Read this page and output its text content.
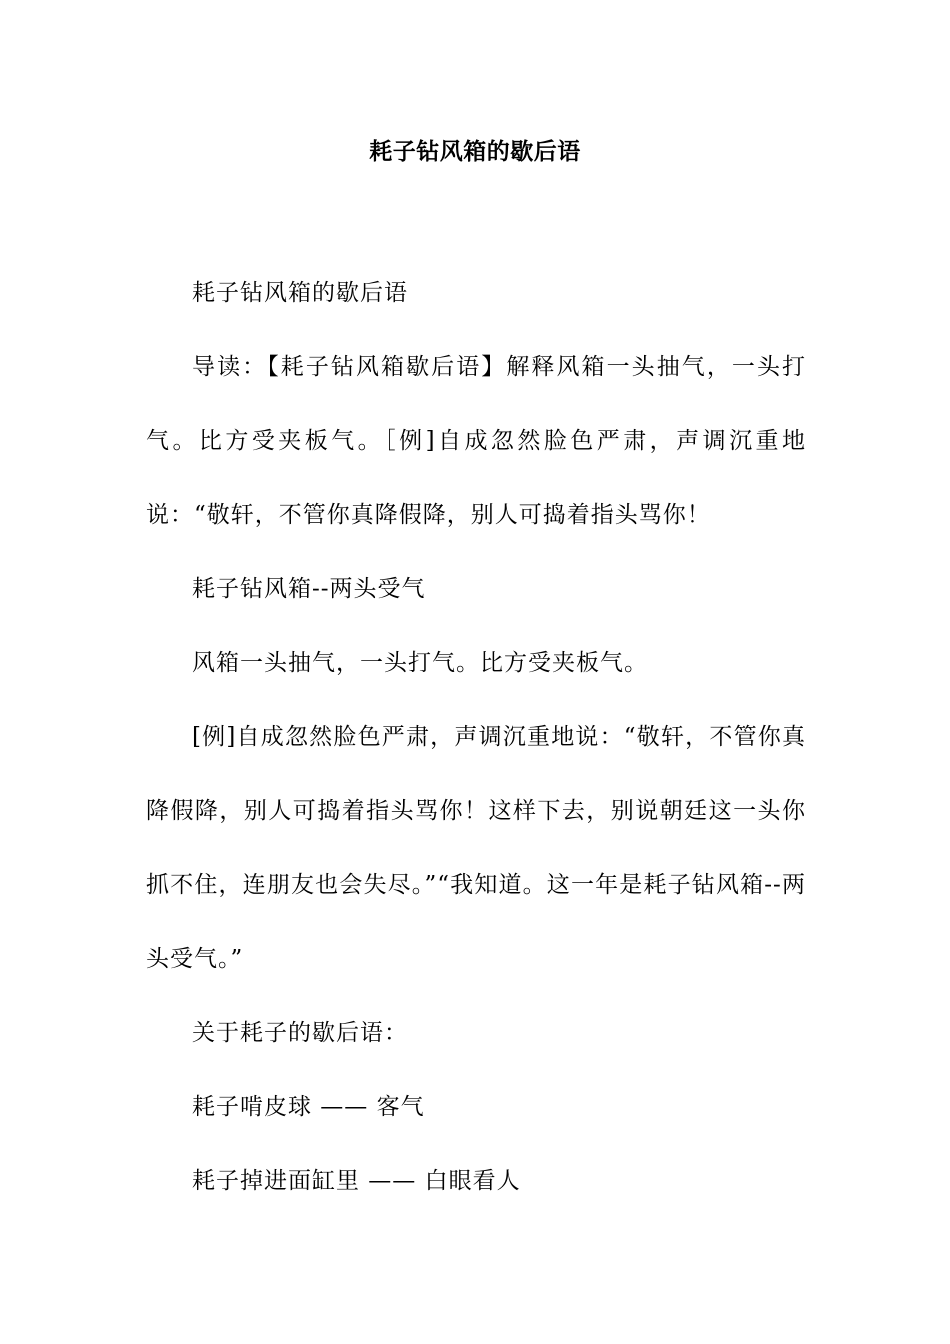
耗子钻风箱的歇后语

耗子钻风箱的歇后语

导读：【耗子钻风箱歇后语】解释风箱一头抽气，一头打气。比方受夹板气。［例]自成忽然脸色严肃，声调沉重地说：“敬轩，不管你真降假降，别人可捣着指头骂你！

耗子钻风箱--两头受气

风箱一头抽气，一头打气。比方受夹板气。

[例]自成忽然脸色严肃，声调沉重地说：“敬轩，不管你真降假降，别人可捣着指头骂你！这样下去，别说朝廷这一头你抓不住，连朋友也会失尽。”“我知道。这一年是耗子钻风箱--两头受气。”

关于耗子的歇后语：

耗子啃皮球 —— 客气

耗子掉进面缸里 —— 白眼看人
